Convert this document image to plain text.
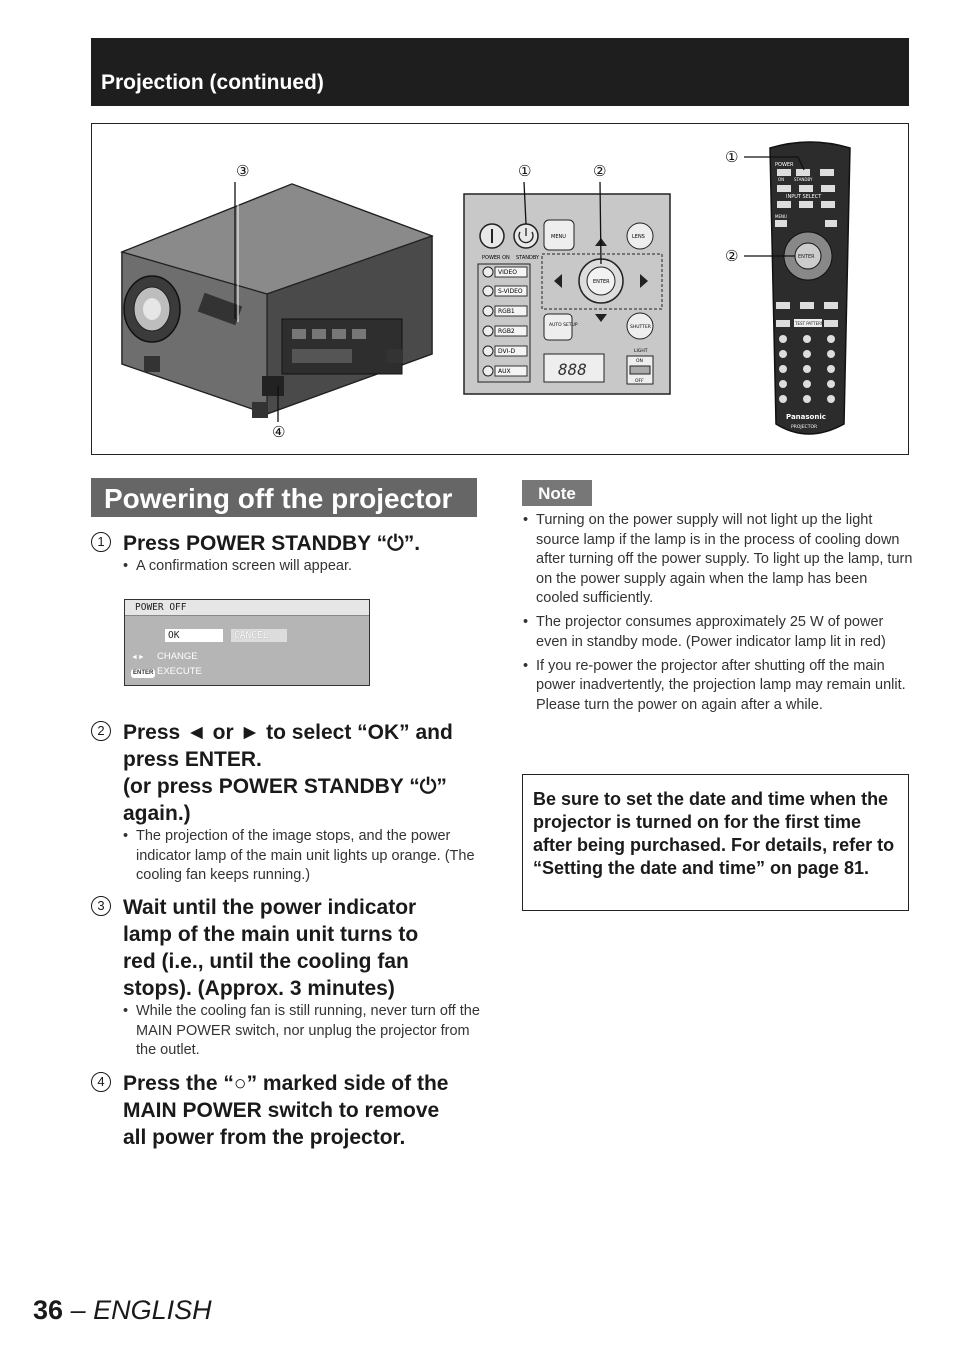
Projection (continued)
③
④
POWER ON STANDBY
MENU	LENS
ENTER
VIDEO
S-VIDEO
RGB1
RGB2
DVI-D
AUX
AUTO SETUP	SHUTTER
888
LIGHT
ON
OFF
①	②	POWER
ON STANDBY
INPUT SELECT
MENU
ENTER
TEST PATTERN
Panasonic
PROJECTOR
①
②
Powering off the projector
1 Press POWER STANDBY “⏻”.
• A confirmation screen will appear.
POWER OFF
OK	CANCEL
◄► CHANGE
ENTER EXECUTE
2 Press ◄ or ► to select “OK” and
press ENTER.
(or press POWER STANDBY “⏻”
again.)
• The projection of the image stops, and the power indicator lamp of the main unit lights up orange. (The cooling fan keeps running.)
3 Wait until the power indicator
lamp of the main unit turns to
red (i.e., until the cooling fan
stops). (Approx. 3 minutes)
• While the cooling fan is still running, never turn off the MAIN POWER switch, nor unplug the projector from the outlet.
4 Press the “○” marked side of the
MAIN POWER switch to remove
all power from the projector.
Note
• Turning on the power supply will not light up the light source lamp if the lamp is in the process of cooling down after turning off the power supply. To light up the lamp, turn on the power supply again when the lamp has been cooled sufficiently.
• The projector consumes approximately 25 W of power even in standby mode. (Power indicator lamp lit in red)
• If you re-power the projector after shutting off the main power inadvertently, the projection lamp may remain unlit. Please turn the power on again after a while.
Be sure to set the date and time when the projector is turned on for the first time after being purchased. For details, refer to “Setting the date and time” on page 81.
36 – ENGLISH
